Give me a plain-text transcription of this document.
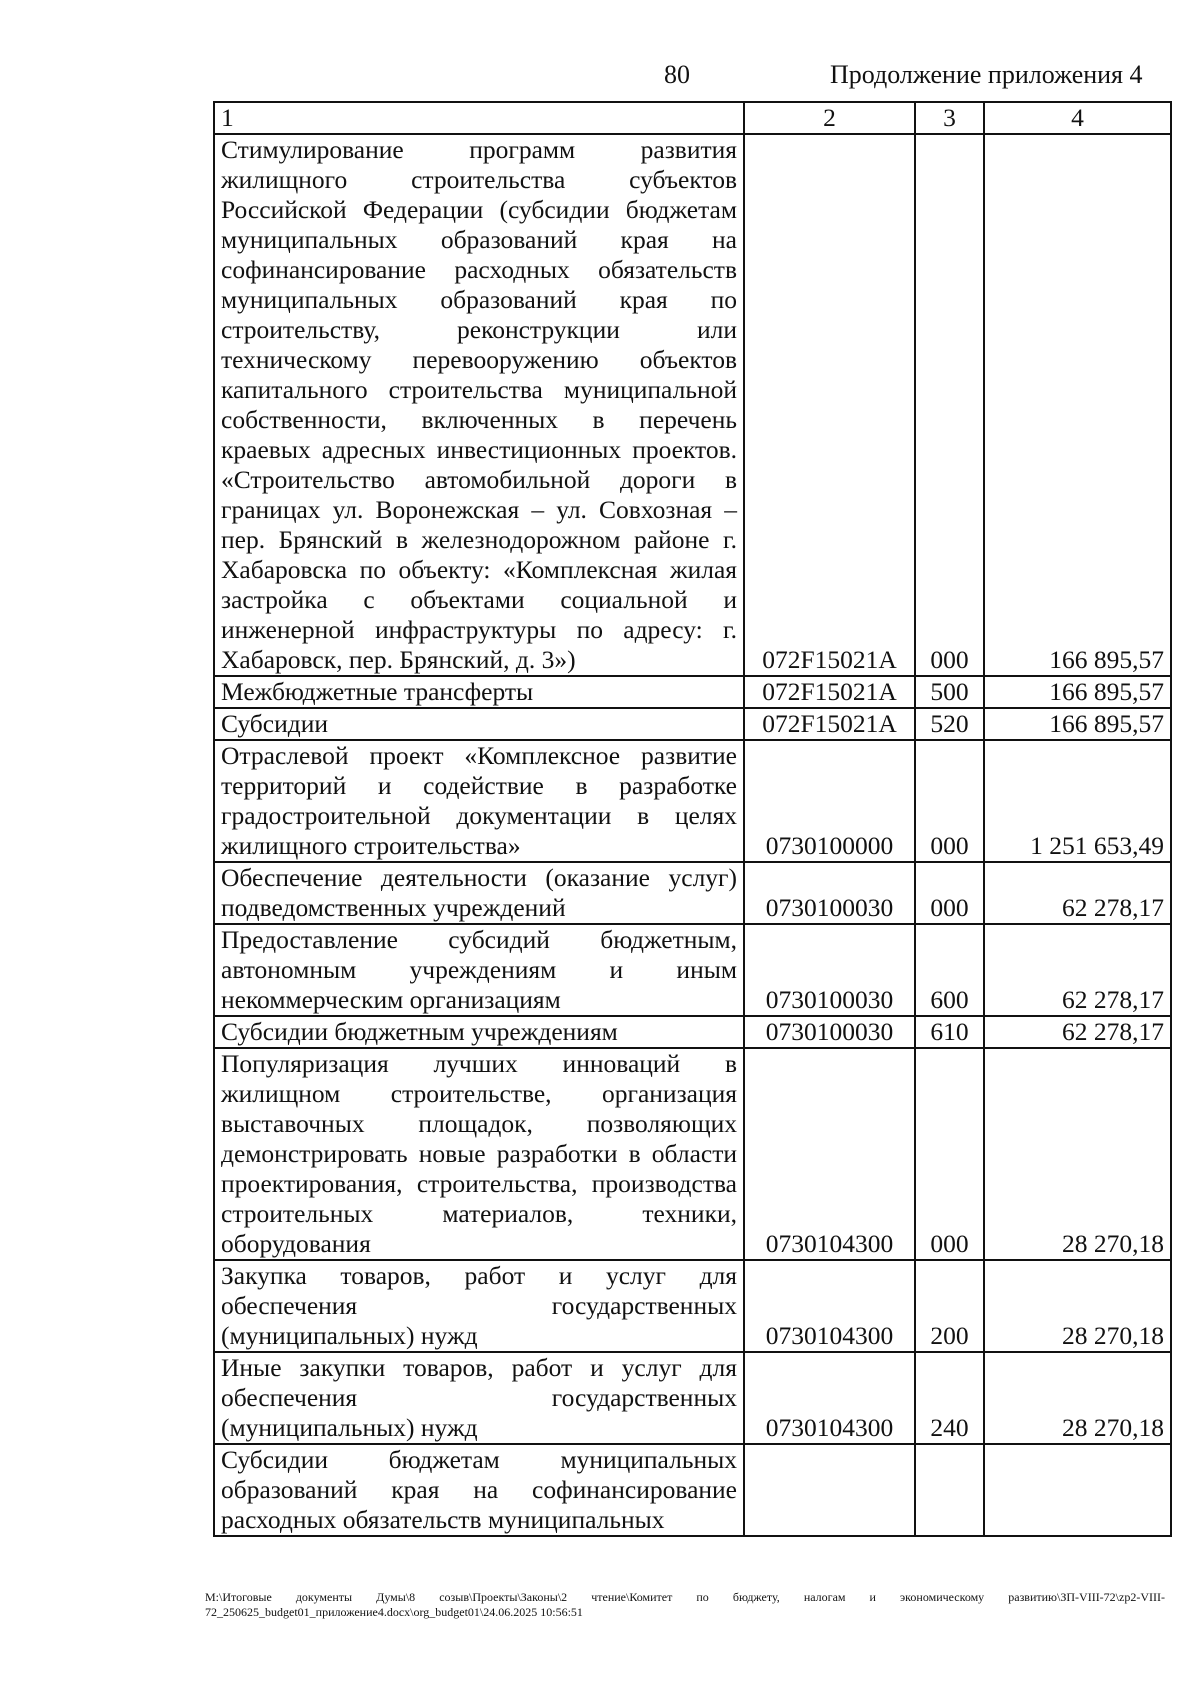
80	Продолжение приложения 4
1	2	3	4
Стимулирование программ развития жилищного строительства субъектов Российской Федерации (субсидии бюджетам муниципальных образований края на софинансирование расходных обязательств муниципальных образований края по строительству, реконструкции или техническому перевооружению объектов капитального строительства муниципальной собственности, включенных в перечень краевых адресных инвестиционных проектов. «Строительство автомобильной дороги в границах ул. Воронежская – ул. Совхозная – пер. Брянский в железнодорожном районе г. Хабаровска по объекту: «Комплексная жилая застройка с объектами социальной и инженерной инфраструктуры по адресу: г. Хабаровск, пер. Брянский, д. 3»)	072F15021A	000	166 895,57
Межбюджетные трансферты	072F15021A	500	166 895,57
Субсидии	072F15021A	520	166 895,57
Отраслевой проект «Комплексное развитие территорий и содействие в разработке градостроительной документации в целях жилищного строительства»	0730100000	000	1 251 653,49
Обеспечение деятельности (оказание услуг) подведомственных учреждений	0730100030	000	62 278,17
Предоставление субсидий бюджетным, автономным учреждениям и иным некоммерческим организациям	0730100030	600	62 278,17
Субсидии бюджетным учреждениям	0730100030	610	62 278,17
Популяризация лучших инноваций в жилищном строительстве, организация выставочных площадок, позволяющих демонстрировать новые разработки в области проектирования, строительства, производства строительных материалов, техники, оборудования	0730104300	000	28 270,18
Закупка товаров, работ и услуг для обеспечения государственных (муниципальных) нужд	0730104300	200	28 270,18
Иные закупки товаров, работ и услуг для обеспечения государственных (муниципальных) нужд	0730104300	240	28 270,18
Субсидии бюджетам муниципальных образований края на софинансирование расходных обязательств муниципальных			
M:\Итоговые документы Думы\8 созыв\Проекты\Законы\2 чтение\Комитет по бюджету, налогам и экономическому развитию\ЗП-VIII-72\zp2-VIII-72_250625_budget01_приложение4.docx\org_budget01\24.06.2025 10:56:51
